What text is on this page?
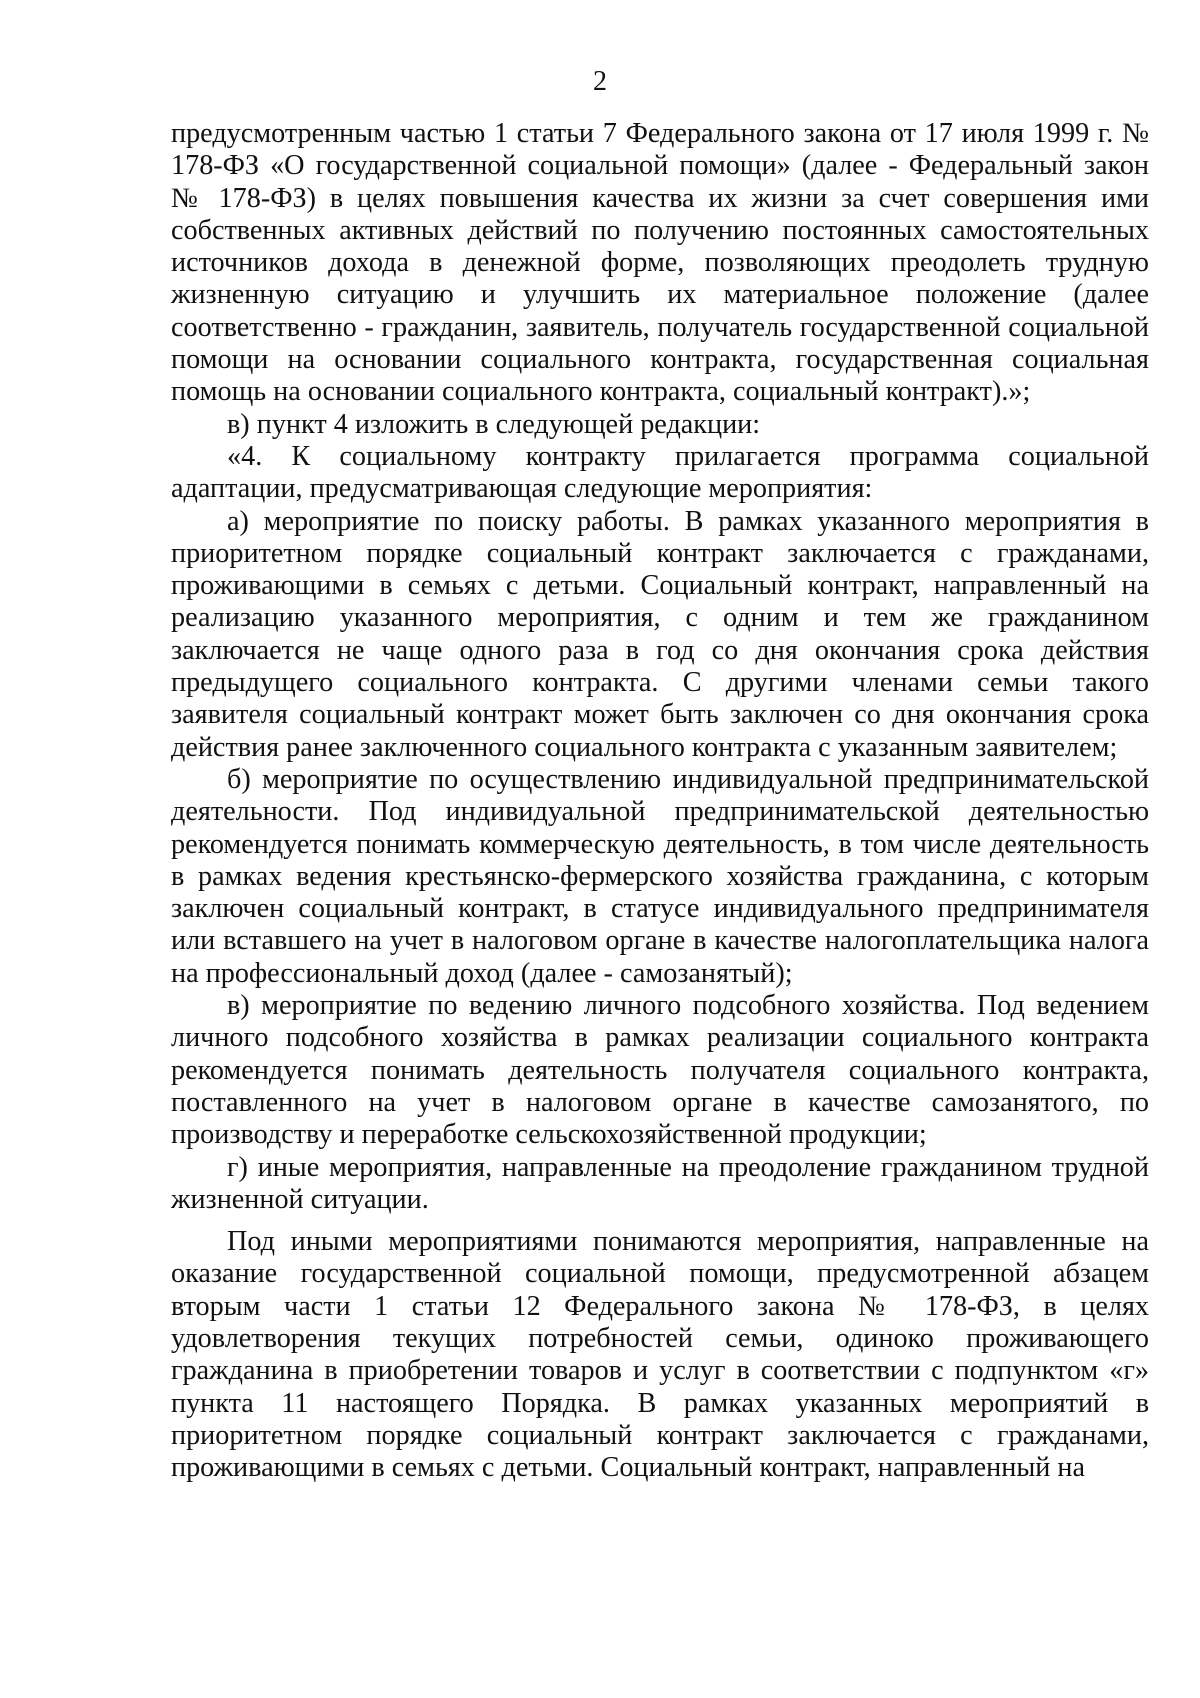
2

предусмотренным частью 1 статьи 7 Федерального закона от 17 июля 1999 г. № 178-ФЗ «О государственной социальной помощи» (далее - Федеральный закон № 178-ФЗ) в целях повышения качества их жизни за счет совершения ими собственных активных действий по получению постоянных самостоятельных источников дохода в денежной форме, позволяющих преодолеть трудную жизненную ситуацию и улучшить их материальное положение (далее соответственно - гражданин, заявитель, получатель государственной социальной помощи на основании социального контракта, государственная социальная помощь на основании социального контракта, социальный контракт).»;

в) пункт 4 изложить в следующей редакции:

«4. К социальному контракту прилагается программа социальной адаптации, предусматривающая следующие мероприятия:

а) мероприятие по поиску работы. В рамках указанного мероприятия в приоритетном порядке социальный контракт заключается с гражданами, проживающими в семьях с детьми. Социальный контракт, направленный на реализацию указанного мероприятия, с одним и тем же гражданином заключается не чаще одного раза в год со дня окончания срока действия предыдущего социального контракта. С другими членами семьи такого заявителя социальный контракт может быть заключен со дня окончания срока действия ранее заключенного социального контракта с указанным заявителем;

б) мероприятие по осуществлению индивидуальной предпринимательской деятельности. Под индивидуальной предпринимательской деятельностью рекомендуется понимать коммерческую деятельность, в том числе деятельность в рамках ведения крестьянско-фермерского хозяйства гражданина, с которым заключен социальный контракт, в статусе индивидуального предпринимателя или вставшего на учет в налоговом органе в качестве налогоплательщика налога на профессиональный доход (далее - самозанятый);

в) мероприятие по ведению личного подсобного хозяйства. Под ведением личного подсобного хозяйства в рамках реализации социального контракта рекомендуется понимать деятельность получателя социального контракта, поставленного на учет в налоговом органе в качестве самозанятого, по производству и переработке сельскохозяйственной продукции;

г) иные мероприятия, направленные на преодоление гражданином трудной жизненной ситуации.

Под иными мероприятиями понимаются мероприятия, направленные на оказание государственной социальной помощи, предусмотренной абзацем вторым части 1 статьи 12 Федерального закона № 178-ФЗ, в целях удовлетворения текущих потребностей семьи, одиноко проживающего гражданина в приобретении товаров и услуг в соответствии с подпунктом «г» пункта 11 настоящего Порядка. В рамках указанных мероприятий в приоритетном порядке социальный контракт заключается с гражданами, проживающими в семьях с детьми. Социальный контракт, направленный на
